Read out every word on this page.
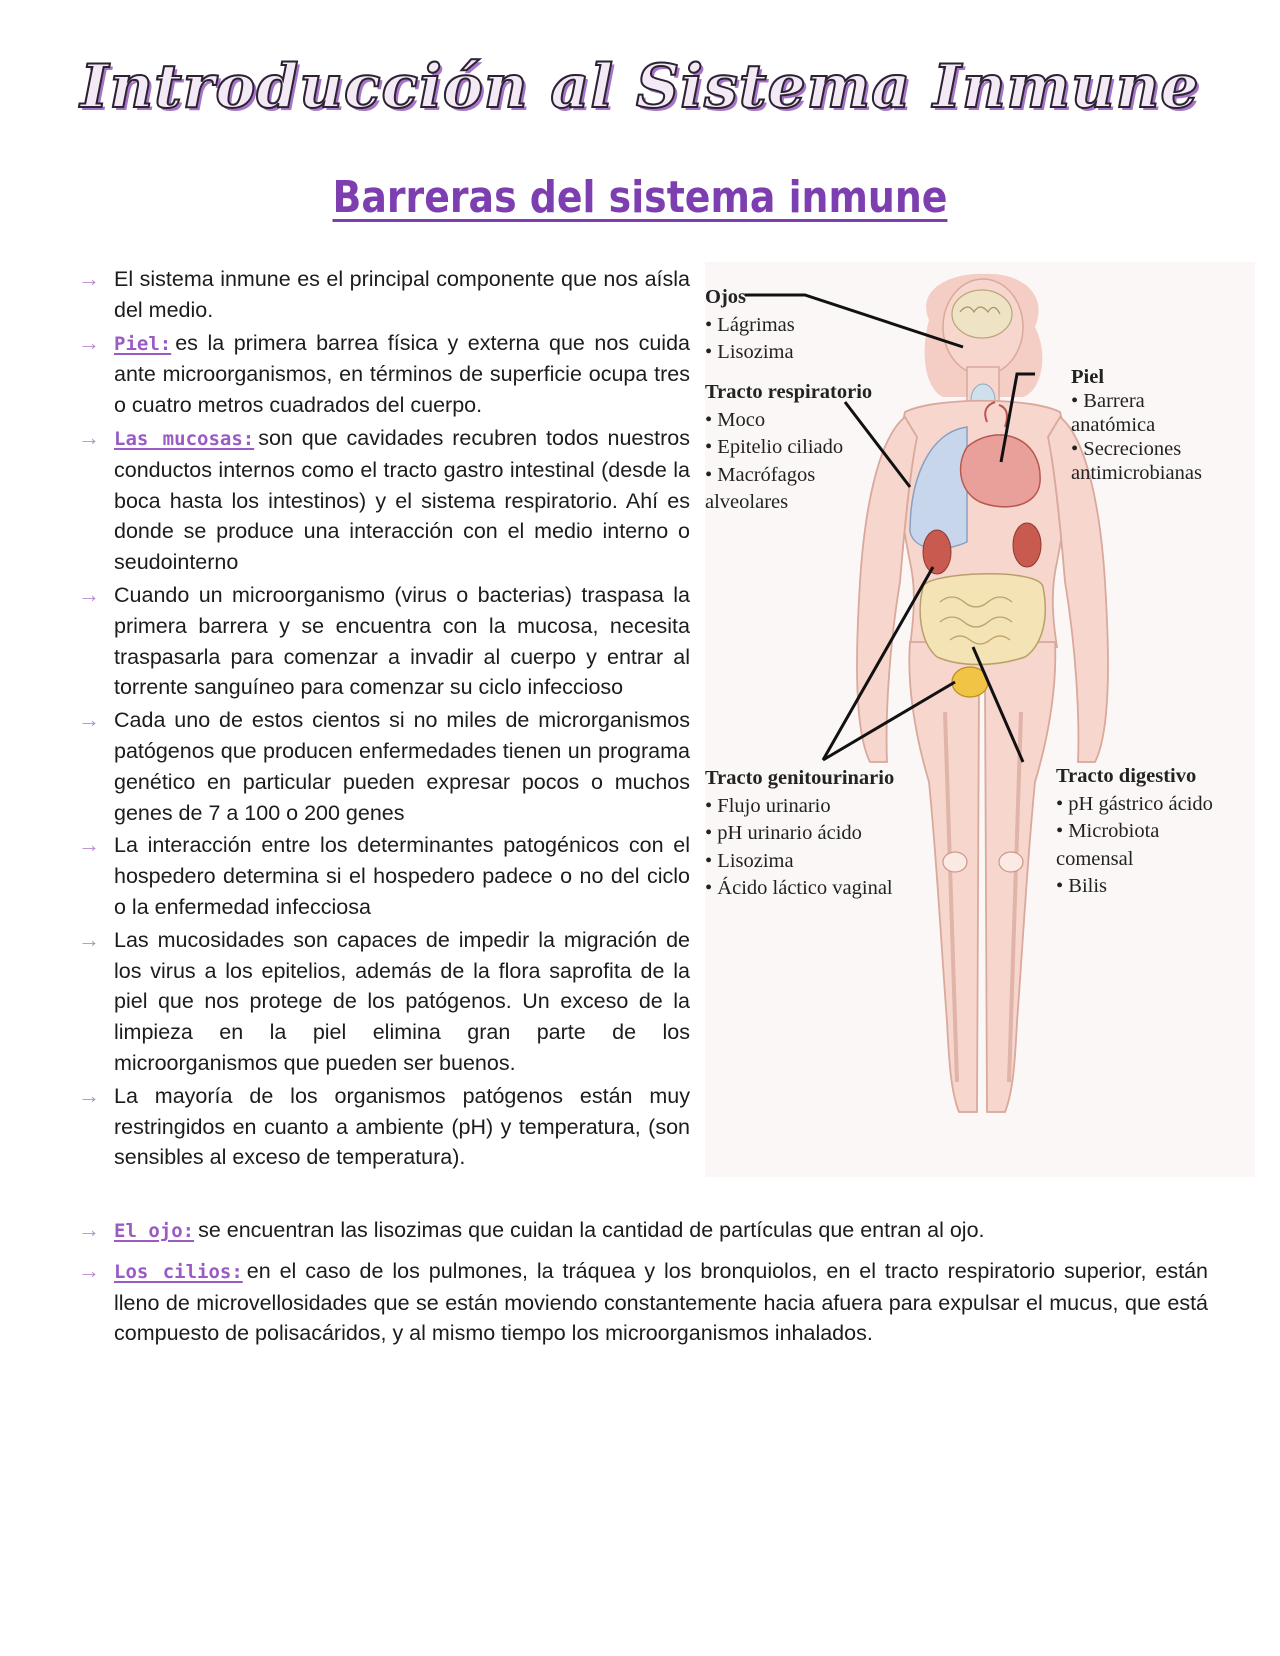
Introducción al Sistema Inmune
Barreras del sistema inmune
→ El sistema inmune es el principal componente que nos aísla del medio.
→ Piel: es la primera barrea física y externa que nos cuida ante microorganismos, en términos de superficie ocupa tres o cuatro metros cuadrados del cuerpo.
→ Las mucosas: son que cavidades recubren todos nuestros conductos internos como el tracto gastro intestinal (desde la boca hasta los intestinos) y el sistema respiratorio. Ahí es donde se produce una interacción con el medio interno o seudointerno
→ Cuando un microorganismo (virus o bacterias) traspasa la primera barrera y se encuentra con la mucosa, necesita traspasarla para comenzar a invadir al cuerpo y entrar al torrente sanguíneo para comenzar su ciclo infeccioso
→ Cada uno de estos cientos si no miles de microrganismos patógenos que producen enfermedades tienen un programa genético en particular pueden expresar pocos o muchos genes de 7 a 100 o 200 genes
→ La interacción entre los determinantes patogénicos con el hospedero determina si el hospedero padece o no del ciclo o la enfermedad infecciosa
→ Las mucosidades son capaces de impedir la migración de los virus a los epitelios, además de la flora saprofita de la piel que nos protege de los patógenos. Un exceso de la limpieza en la piel elimina gran parte de los microorganismos que pueden ser buenos.
→ La mayoría de los organismos patógenos están muy restringidos en cuanto a ambiente (pH) y temperatura, (son sensibles al exceso de temperatura).
→ El ojo: se encuentran las lisozimas que cuidan la cantidad de partículas que entran al ojo.
→ Los cilios: en el caso de los pulmones, la tráquea y los bronquiolos, en el tracto respiratorio superior, están lleno de microvellosidades que se están moviendo constantemente hacia afuera para expulsar el mucus, que está compuesto de polisacáridos, y al mismo tiempo los microorganismos inhalados.
Ojos
• Lágrimas
• Lisozima
Tracto respiratorio
• Moco
• Epitelio ciliado
• Macrófagos
alveolares
Piel
• Barrera
anatómica
• Secreciones
antimicrobianas
Tracto genitourinario
• Flujo urinario
• pH urinario ácido
• Lisozima
• Ácido láctico vaginal
Tracto digestivo
• pH gástrico ácido
• Microbiota
comensal
• Bilis
